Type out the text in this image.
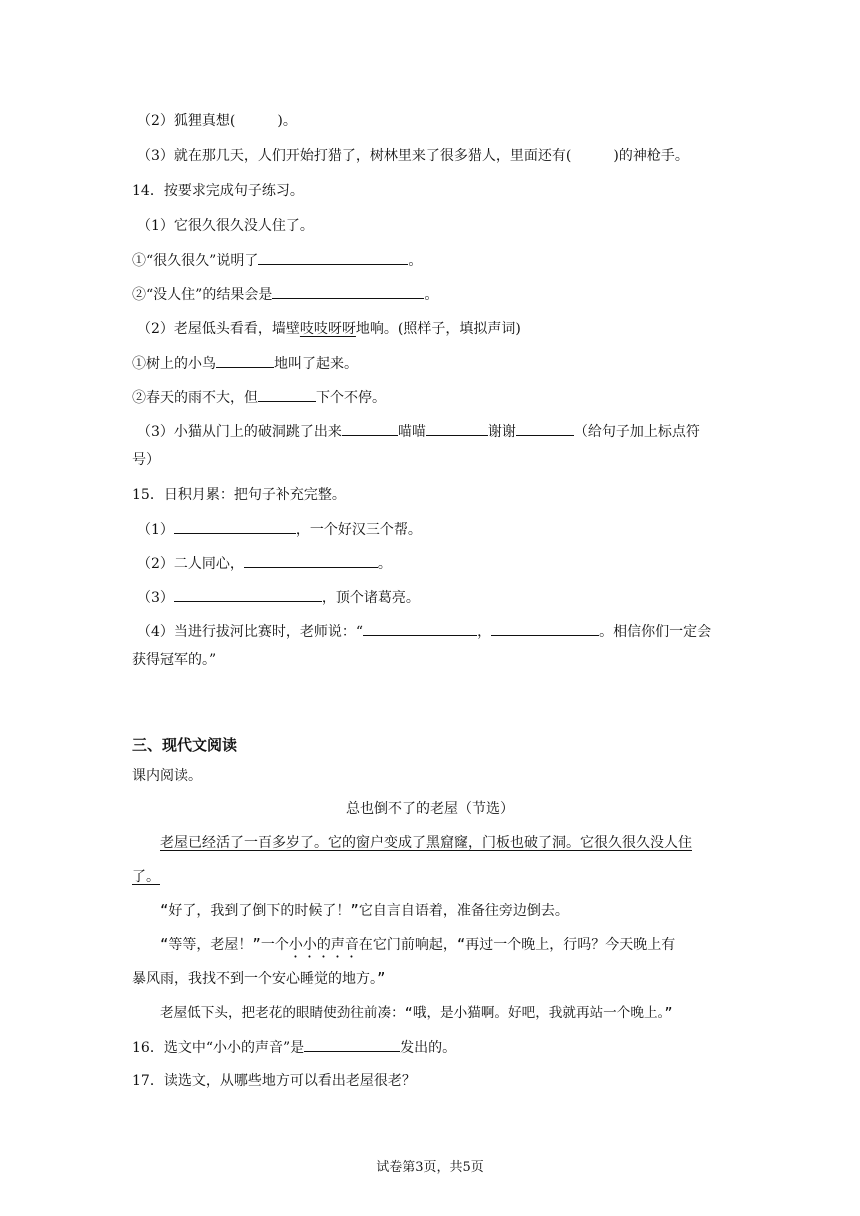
（2）狐狸真想(	)。
（3）就在那几天，人们开始打猎了，树林里来了很多猎人，里面还有(	)的神枪手。
14．按要求完成句子练习。
（1）它很久很久没人住了。
①“很久很久”说明了	。
②“没人住”的结果会是	。
（2）老屋低头看看，墙壁吱吱呀呀地响。(照样子，填拟声词)
①树上的小鸟	地叫了起来。
②春天的雨不大，但	下个不停。
（3）小猫从门上的破洞跳了出来	喵喵	谢谢	（给句子加上标点符
号）
15．日积月累：把句子补充完整。
（1）	，一个好汉三个帮。
（2）二人同心，	。
（3）	，顶个诸葛亮。
（4）当进行拔河比赛时，老师说：“	，	。相信你们一定会
获得冠军的。”
三、现代文阅读
课内阅读。
总也倒不了的老屋（节选）
老屋已经活了一百多岁了。它的窗户变成了黑窟窿，门板也破了洞。它很久很久没人住
了。
“好了，我到了倒下的时候了！”它自言自语着，准备往旁边倒去。
“等等，老屋！”一个小小的声音在它门前响起，“再过一个晚上，行吗？今天晚上有
暴风雨，我找不到一个安心睡觉的地方。”
老屋低下头，把老花的眼睛使劲往前凑：“哦，是小猫啊。好吧，我就再站一个晚上。”
16．选文中“小小的声音”是	发出的。
17．读选文，从哪些地方可以看出老屋很老？
试卷第3页，共5页
